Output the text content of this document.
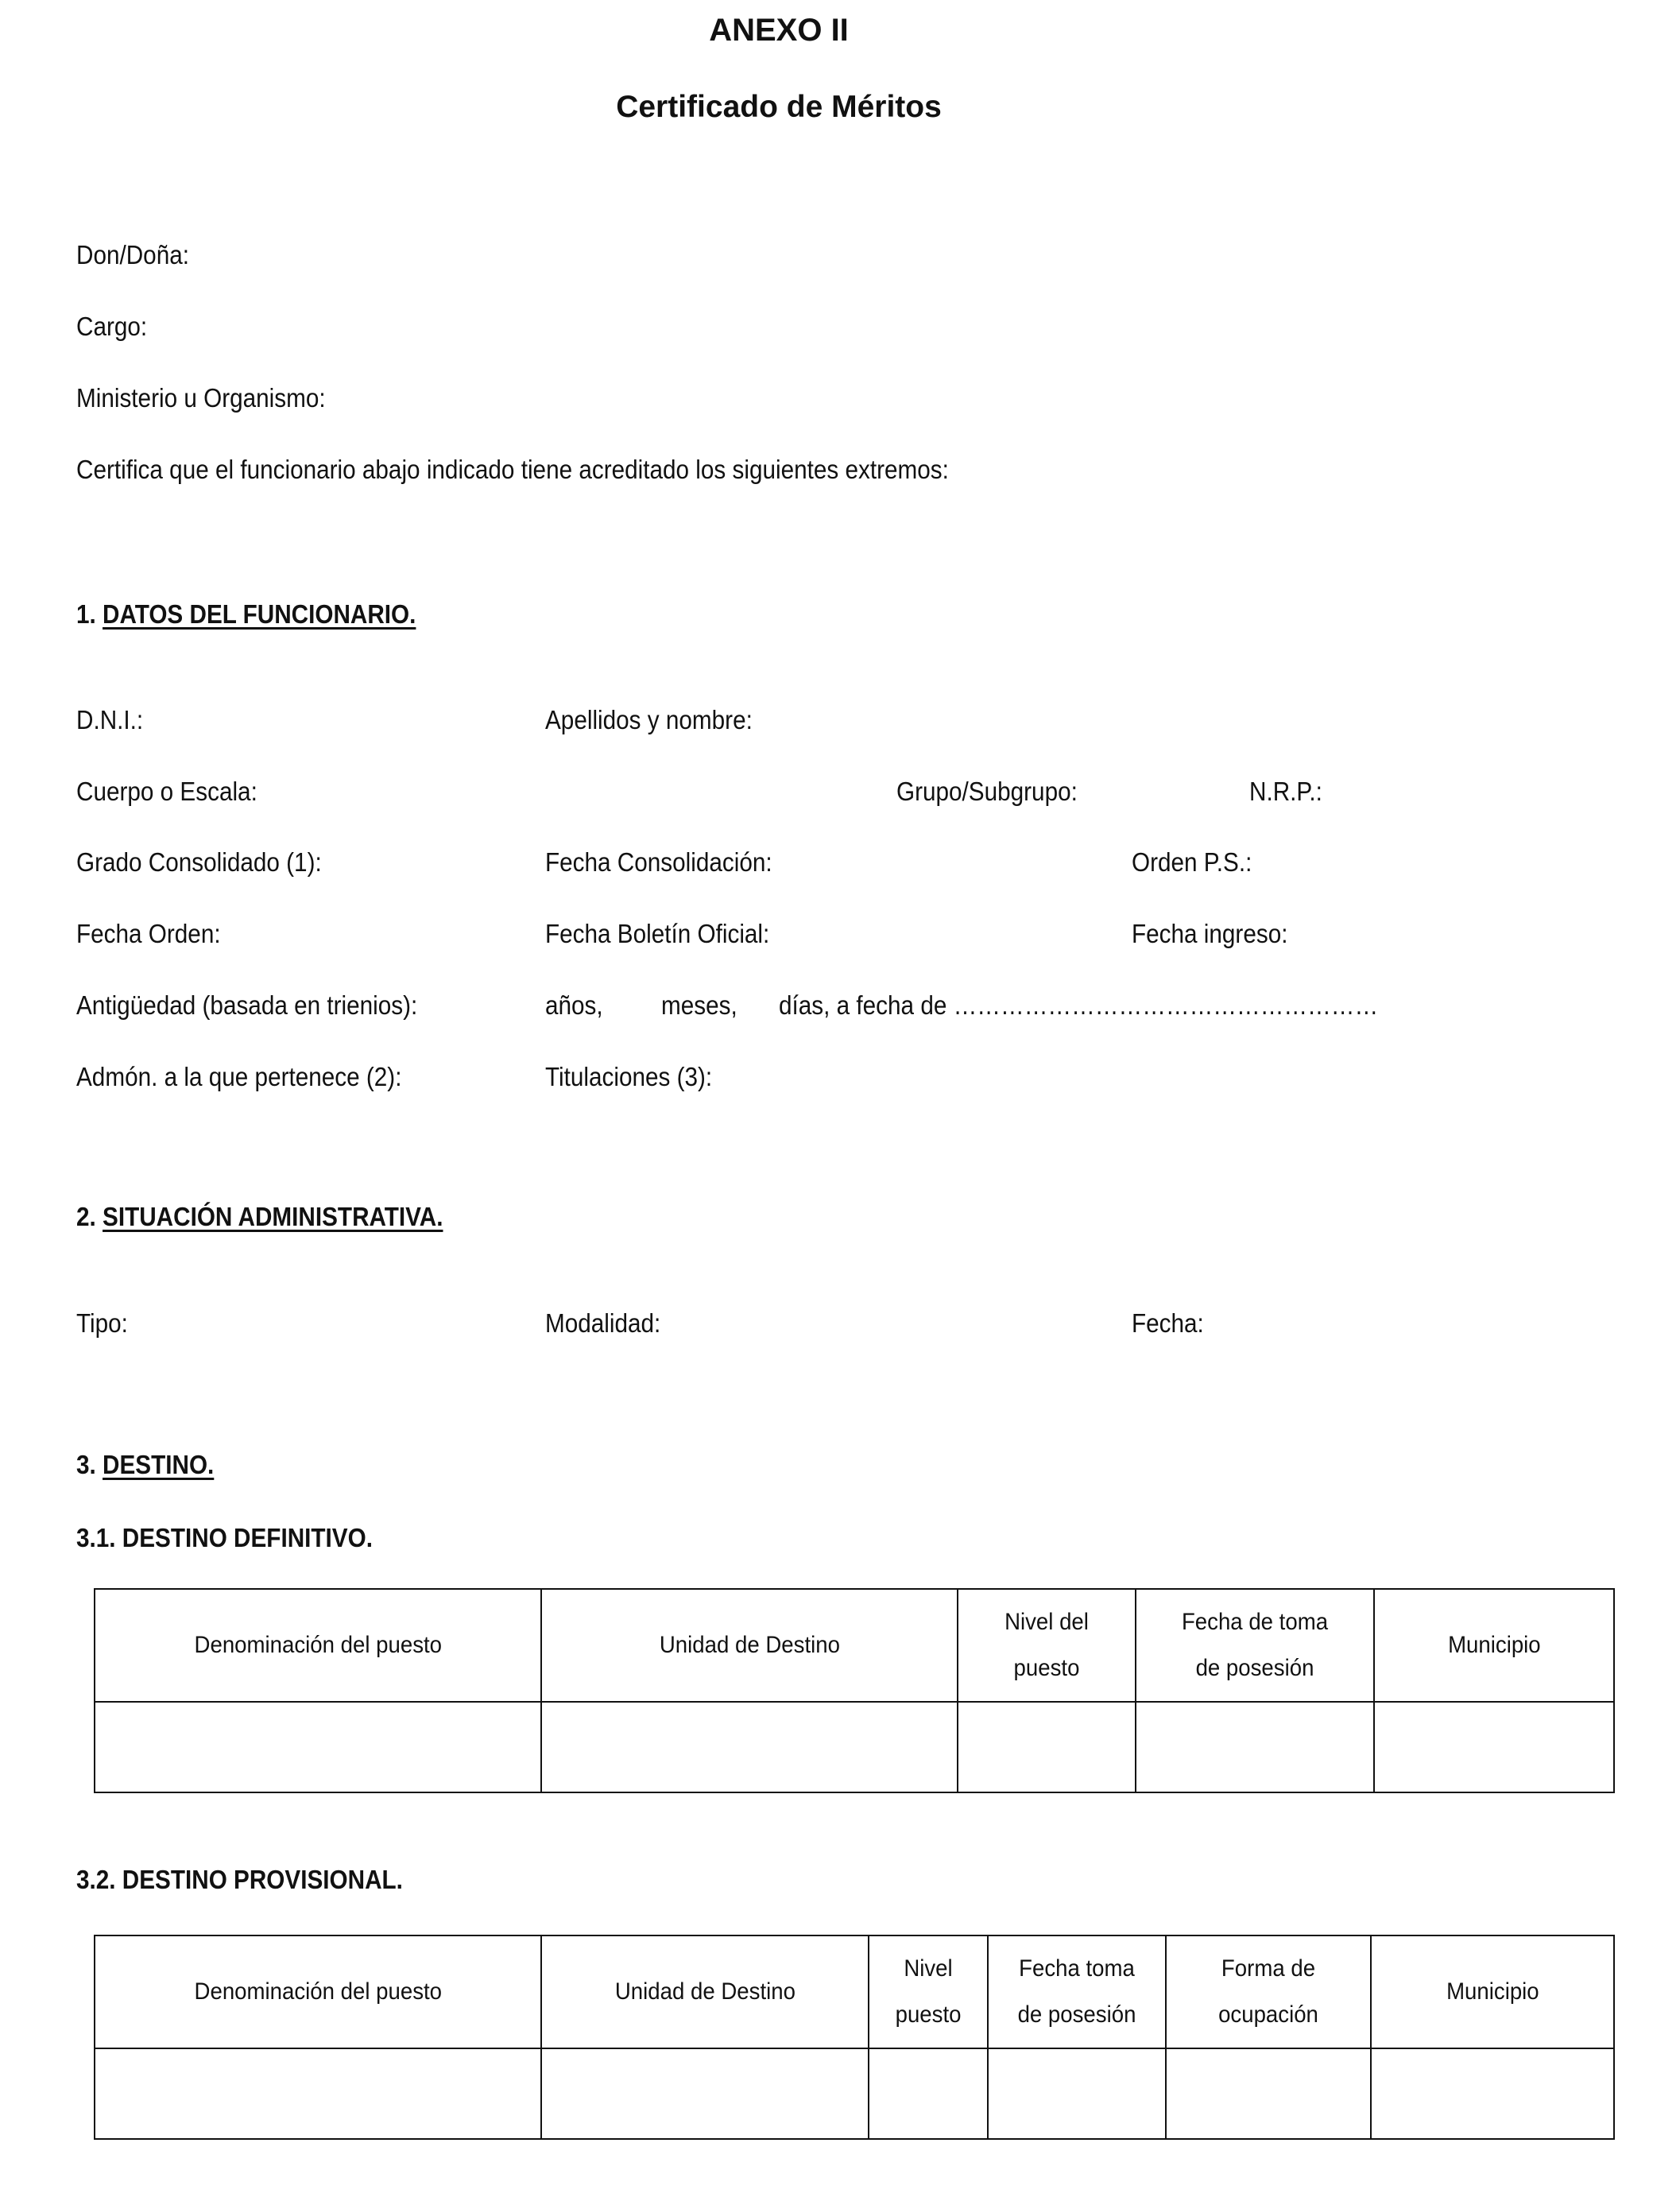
ANEXO II
Certificado de Méritos
Don/Doña:
Cargo:
Ministerio u Organismo:
Certifica que el funcionario abajo indicado tiene acreditado los siguientes extremos:
1. DATOS DEL FUNCIONARIO.
D.N.I.:	Apellidos y nombre:
Cuerpo o Escala:	Grupo/Subgrupo:	N.R.P.:
Grado Consolidado (1):	Fecha Consolidación:	Orden P.S.:
Fecha Orden:	Fecha Boletín Oficial:	Fecha ingreso:
Antigüedad (basada en trienios):	años, meses, días, a fecha de ………………………………………………
Admón. a la que pertenece (2):	Titulaciones (3):
2. SITUACIÓN ADMINISTRATIVA.
Tipo:	Modalidad:	Fecha:
3. DESTINO.
3.1. DESTINO DEFINITIVO.
Denominación del puesto	Unidad de Destino	Nivel del puesto	Fecha de toma de posesión	Municipio

3.2. DESTINO PROVISIONAL.
Denominación del puesto	Unidad de Destino	Nivel puesto	Fecha toma de posesión	Forma de ocupación	Municipio
